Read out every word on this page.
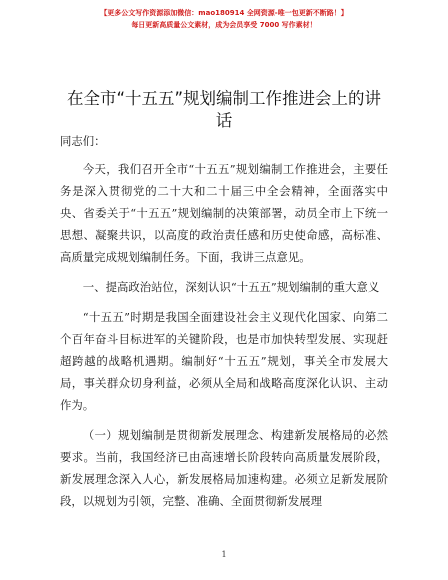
【更多公文写作资源添加微信：mao180914 全网资源-唯一包更新不断路！】
每日更新高质量公文素材，成为会员享受 7000 写作素材！
在全市“十五五”规划编制工作推进会上的讲话

同志们：

今天，我们召开全市“十五五”规划编制工作推进会，主要任务是深入贯彻党的二十大和二十届三中全会精神，全面落实中央、省委关于“十五五”规划编制的决策部署，动员全市上下统一思想、凝聚共识，以高度的政治责任感和历史使命感，高标准、高质量完成规划编制任务。下面，我讲三点意见。

一、提高政治站位，深刻认识“十五五”规划编制的重大意义

“十五五”时期是我国全面建设社会主义现代化国家、向第二个百年奋斗目标进军的关键阶段，也是市加快转型发展、实现赶超跨越的战略机遇期。编制好“十五五”规划，事关全市发展大局，事关群众切身利益，必须从全局和战略高度深化认识、主动作为。

（一）规划编制是贯彻新发展理念、构建新发展格局的必然要求。当前，我国经济已由高速增长阶段转向高质量发展阶段，新发展理念深入人心，新发展格局加速构建。必须立足新发展阶段，以规划为引领，完整、准确、全面贯彻新发展理

1
